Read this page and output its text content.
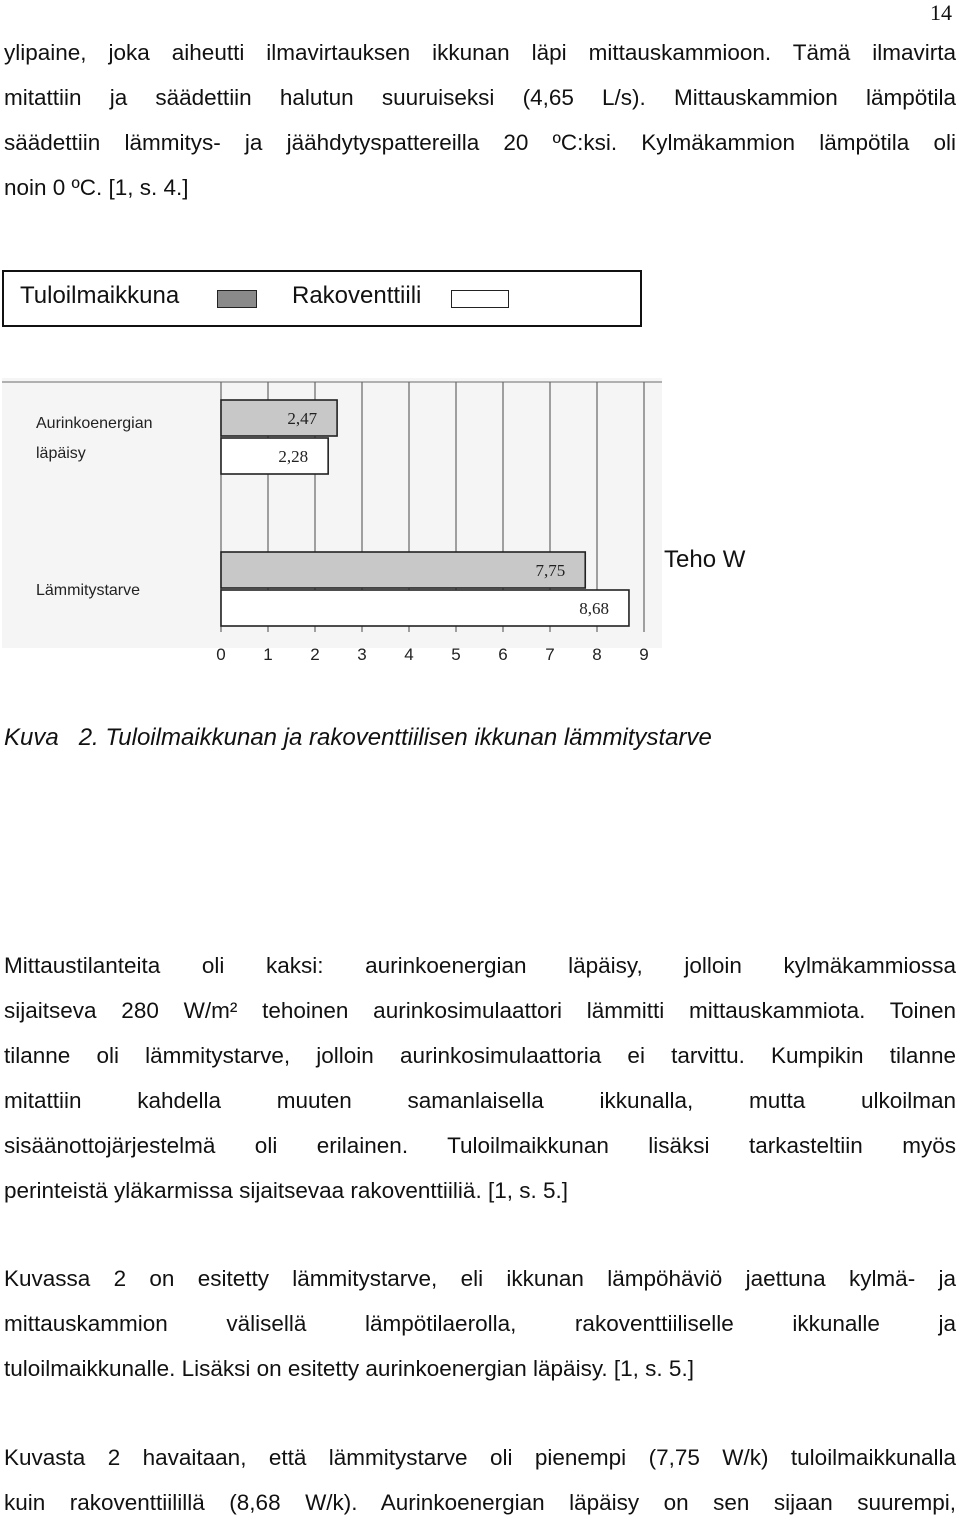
14
ylipaine, joka aiheutti ilmavirtauksen ikkunan läpi mittauskammioon. Tämä ilmavirta
mitattiin ja säädettiin halutun suuruiseksi (4,65 L/s). Mittauskammion lämpötila
säädettiin lämmitys- ja jäähdytyspattereilla 20 ºC:ksi. Kylmäkammion lämpötila oli
noin 0 ºC. [1, s. 4.]
Tuloilmaikkuna	Rakoventtiili
2,47
2,28
7,75
8,68
Aurinkoenergian
läpäisy
Lämmitystarve
0 1 2 3 4 5 6 7 8 9
Teho W
Kuva 2. Tuloilmaikkunan ja rakoventtiilisen ikkunan lämmitystarve
Mittaustilanteita oli kaksi: aurinkoenergian läpäisy, jolloin kylmäkammiossa
sijaitseva 280 W/m² tehoinen aurinkosimulaattori lämmitti mittauskammiota. Toinen
tilanne oli lämmitystarve, jolloin aurinkosimulaattoria ei tarvittu. Kumpikin tilanne
mitattiin kahdella muuten samanlaisella ikkunalla, mutta ulkoilman
sisäänottojärjestelmä oli erilainen. Tuloilmaikkunan lisäksi tarkasteltiin myös
perinteistä yläkarmissa sijaitsevaa rakoventtiiliä. [1, s. 5.]
Kuvassa 2 on esitetty lämmitystarve, eli ikkunan lämpöhäviö jaettuna kylmä- ja
mittauskammion välisellä lämpötilaerolla, rakoventtiiliselle ikkunalle ja
tuloilmaikkunalle. Lisäksi on esitetty aurinkoenergian läpäisy. [1, s. 5.]
Kuvasta 2 havaitaan, että lämmitystarve oli pienempi (7,75 W/k) tuloilmaikkunalla
kuin rakoventtiilillä (8,68 W/k). Aurinkoenergian läpäisy on sen sijaan suurempi,
